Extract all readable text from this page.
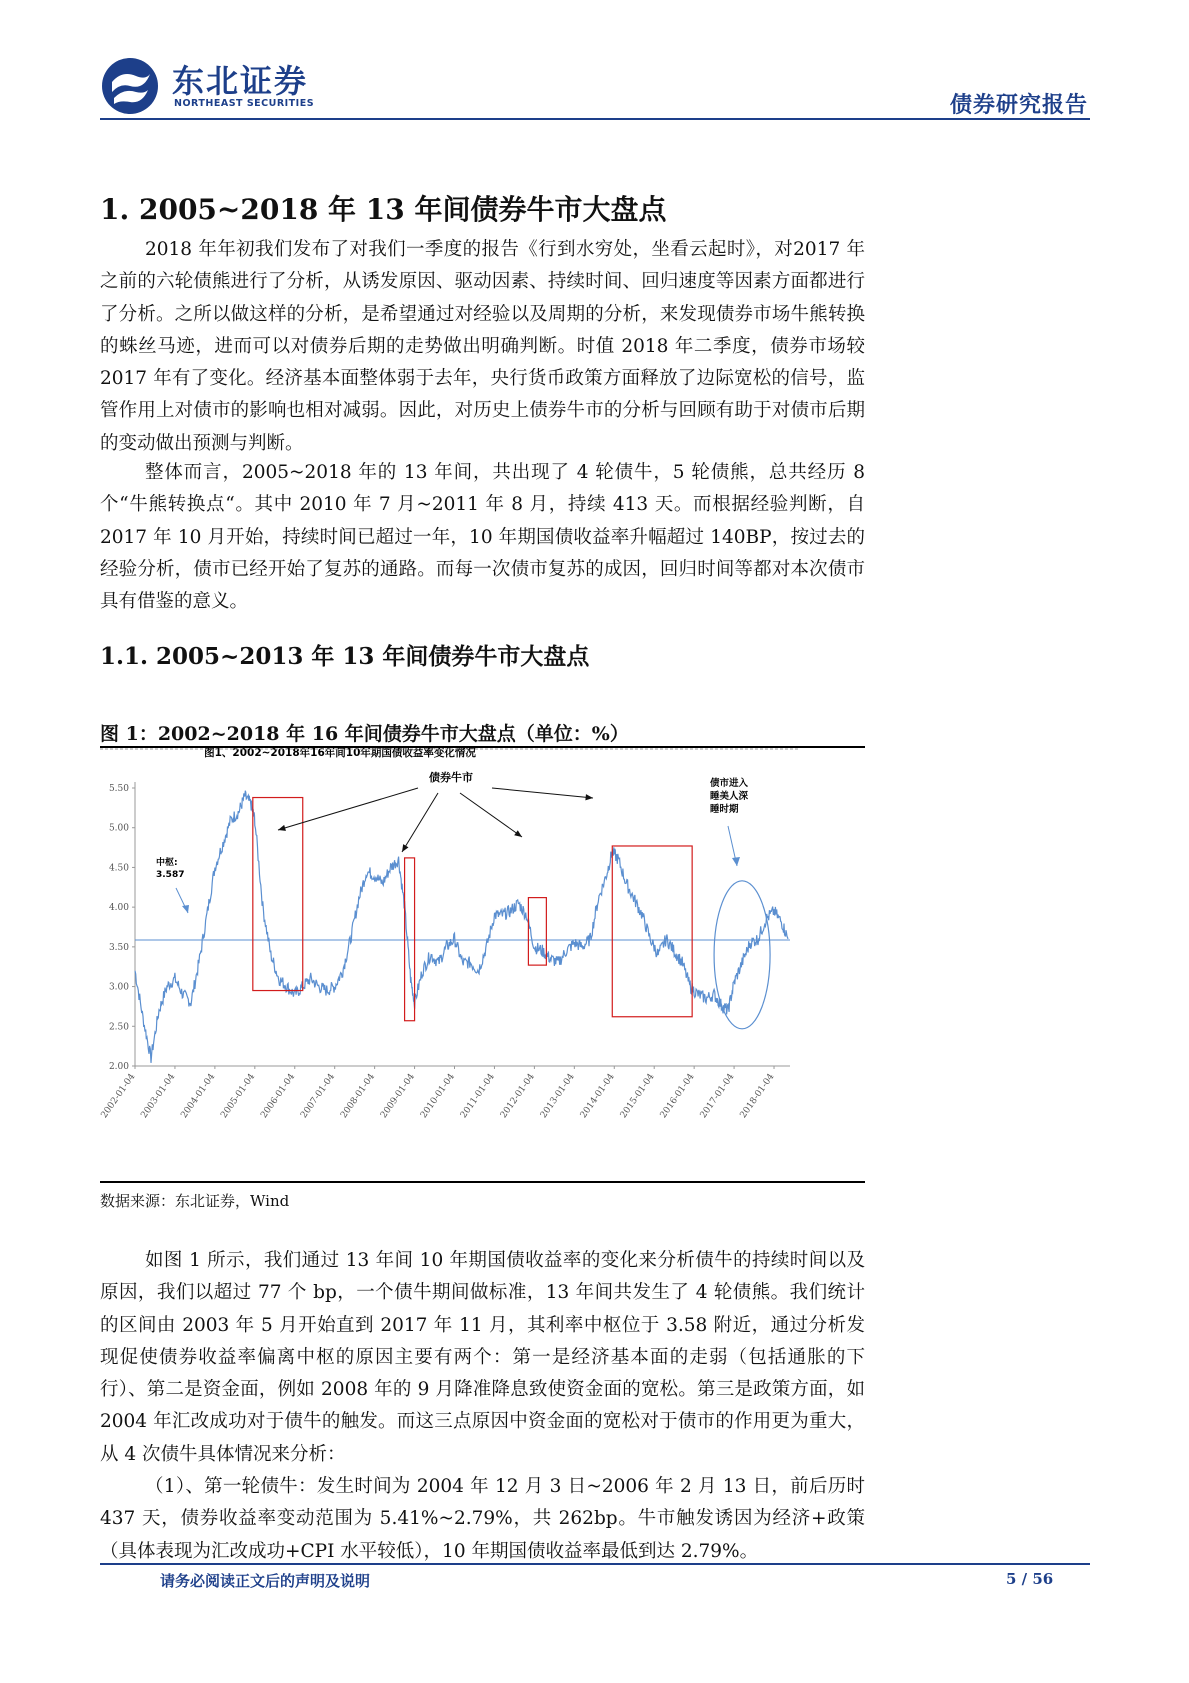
东北证券
NORTHEAST SECURITIES	债券研究报告
1. 2005~2018 年 13 年间债券牛市大盘点

2018 年年初我们发布了对我们一季度的报告《行到水穷处，坐看云起时》，对2017 年之前的六轮债熊进行了分析，从诱发原因、驱动因素、持续时间、回归速度等因素方面都进行了分析。之所以做这样的分析，是希望通过对经验以及周期的分析，来发现债券市场牛熊转换的蛛丝马迹，进而可以对债券后期的走势做出明确判断。时值 2018 年二季度，债券市场较 2017 年有了变化。经济基本面整体弱于去年，央行货币政策方面释放了边际宽松的信号，监管作用上对债市的影响也相对减弱。因此，对历史上债券牛市的分析与回顾有助于对债市后期的变动做出预测与判断。

整体而言，2005~2018 年的 13 年间，共出现了 4 轮债牛，5 轮债熊，总共经历 8 个“牛熊转换点“。其中 2010 年 7 月~2011 年 8 月，持续 413 天。而根据经验判断，自 2017 年 10 月开始，持续时间已超过一年，10 年期国债收益率升幅超过 140BP，按过去的经验分析，债市已经开始了复苏的通路。而每一次债市复苏的成因，回归时间等都对本次债市具有借鉴的意义。

1.1. 2005~2013 年 13 年间债券牛市大盘点
图 1：2002~2018 年 16 年间债券牛市大盘点（单位：%）
图1、2002~2018年16年间10年期国债收益率变化情况
2.00
2.50
3.00
3.50
4.00
4.50
5.00
5.50
2002-01-04 2003-01-04 2004-01-04 2005-01-04 2006-01-04 2007-01-04 2008-01-04 2009-01-04 2010-01-04 2011-01-04 2012-01-04 2013-01-04 2014-01-04 2015-01-04 2016-01-04 2017-01-04 2018-01-04
债券牛市
中枢:
3.587
债市进入
睡美人深
睡时期
数据来源：东北证券，Wind

如图 1 所示，我们通过 13 年间 10 年期国债收益率的变化来分析债牛的持续时间以及原因，我们以超过 77 个 bp，一个债牛期间做标准，13 年间共发生了 4 轮债熊。我们统计的区间由 2003 年 5 月开始直到 2017 年 11 月，其利率中枢位于 3.58 附近，通过分析发现促使债券收益率偏离中枢的原因主要有两个：第一是经济基本面的走弱（包括通胀的下行）、第二是资金面，例如 2008 年的 9 月降准降息致使资金面的宽松。第三是政策方面，如 2004 年汇改成功对于债牛的触发。而这三点原因中资金面的宽松对于债市的作用更为重大，从 4 次债牛具体情况来分析：

（1）、第一轮债牛：发生时间为 2004 年 12 月 3 日~2006 年 2 月 13 日，前后历时 437 天，债券收益率变动范围为 5.41%~2.79%，共 262bp。牛市触发诱因为经济+政策（具体表现为汇改成功+CPI 水平较低），10 年期国债收益率最低到达 2.79%。

请务必阅读正文后的声明及说明	5 / 56
